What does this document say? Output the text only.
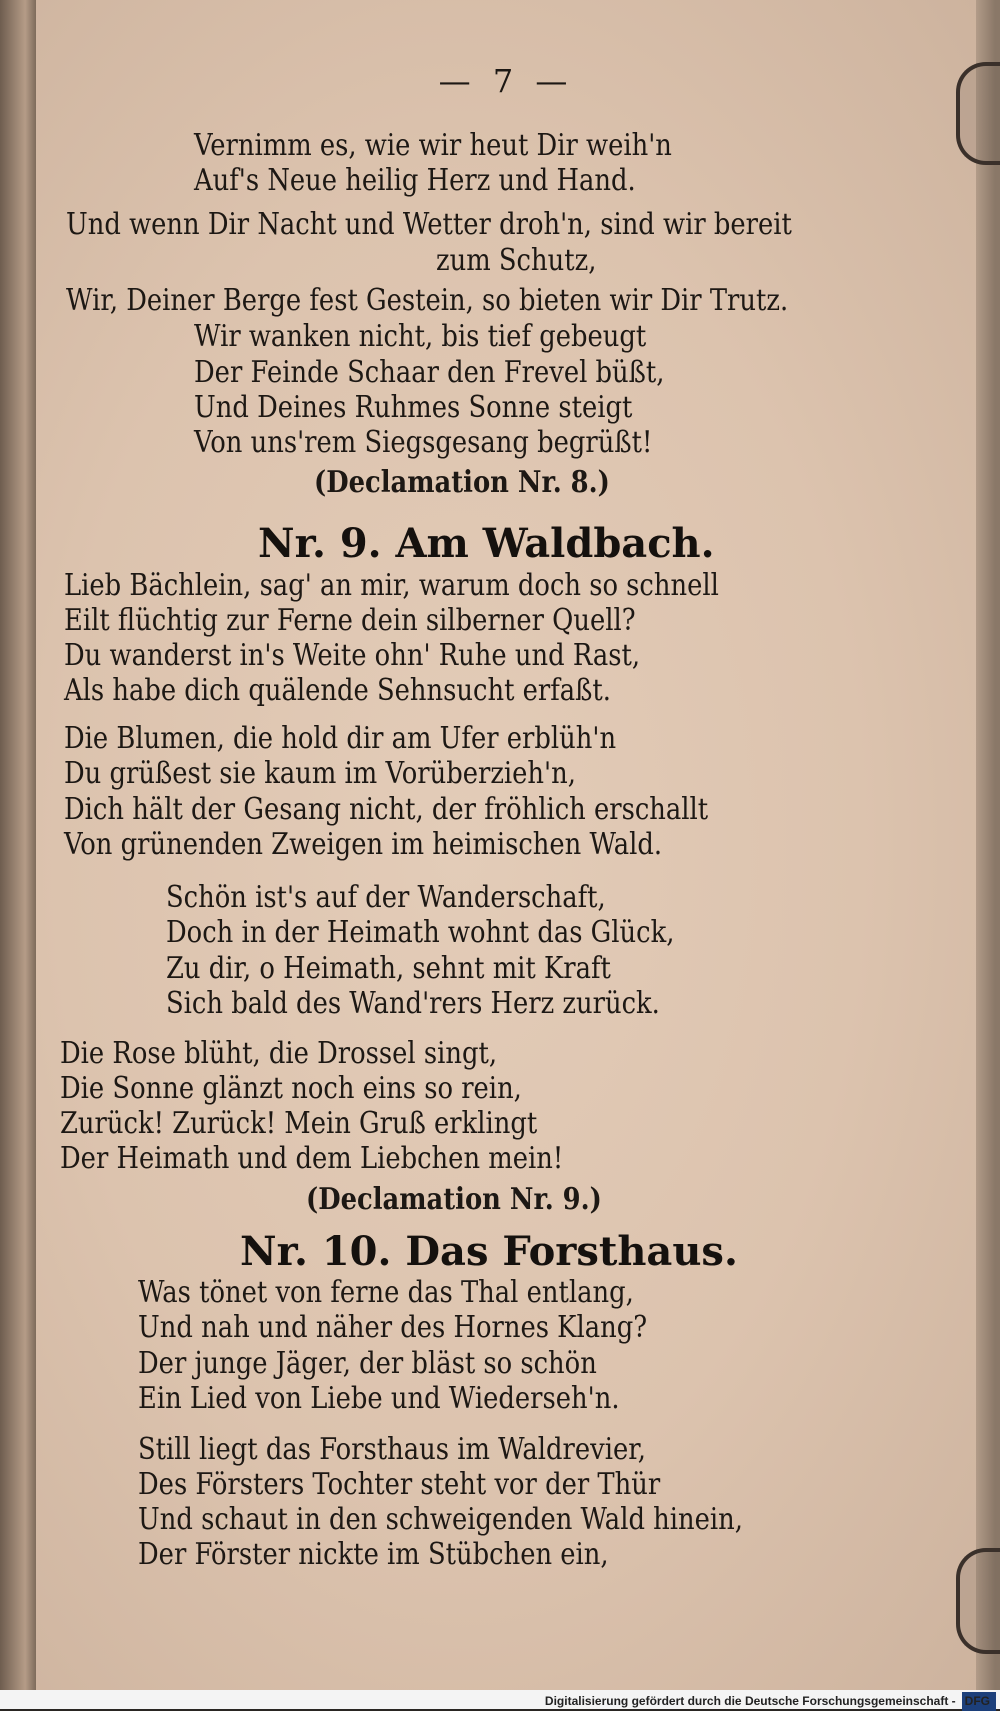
— 7 —
Vernimm es, wie wir heut Dir weih'n
Auf's Neue heilig Herz und Hand.
Und wenn Dir Nacht und Wetter droh'n, sind wir bereit
zum Schutz,
Wir, Deiner Berge fest Gestein, so bieten wir Dir Trutz.
Wir wanken nicht, bis tief gebeugt
Der Feinde Schaar den Frevel büßt,
Und Deines Ruhmes Sonne steigt
Von uns'rem Siegsgesang begrüßt!
(Declamation Nr. 8.)
Nr. 9. Am Waldbach.
Lieb Bächlein, sag' an mir, warum doch so schnell
Eilt flüchtig zur Ferne dein silberner Quell?
Du wanderst in's Weite ohn' Ruhe und Rast,
Als habe dich quälende Sehnsucht erfaßt.
Die Blumen, die hold dir am Ufer erblüh'n
Du grüßest sie kaum im Vorüberzieh'n,
Dich hält der Gesang nicht, der fröhlich erschallt
Von grünenden Zweigen im heimischen Wald.
Schön ist's auf der Wanderschaft,
Doch in der Heimath wohnt das Glück,
Zu dir, o Heimath, sehnt mit Kraft
Sich bald des Wand'rers Herz zurück.
Die Rose blüht, die Drossel singt,
Die Sonne glänzt noch eins so rein,
Zurück! Zurück! Mein Gruß erklingt
Der Heimath und dem Liebchen mein!
(Declamation Nr. 9.)
Nr. 10. Das Forsthaus.
Was tönet von ferne das Thal entlang,
Und nah und näher des Hornes Klang?
Der junge Jäger, der bläst so schön
Ein Lied von Liebe und Wiederseh'n.
Still liegt das Forsthaus im Waldrevier,
Des Försters Tochter steht vor der Thür
Und schaut in den schweigenden Wald hinein,
Der Förster nickte im Stübchen ein,
Digitalisierung gefördert durch die Deutsche Forschungsgemeinschaft - DFG
